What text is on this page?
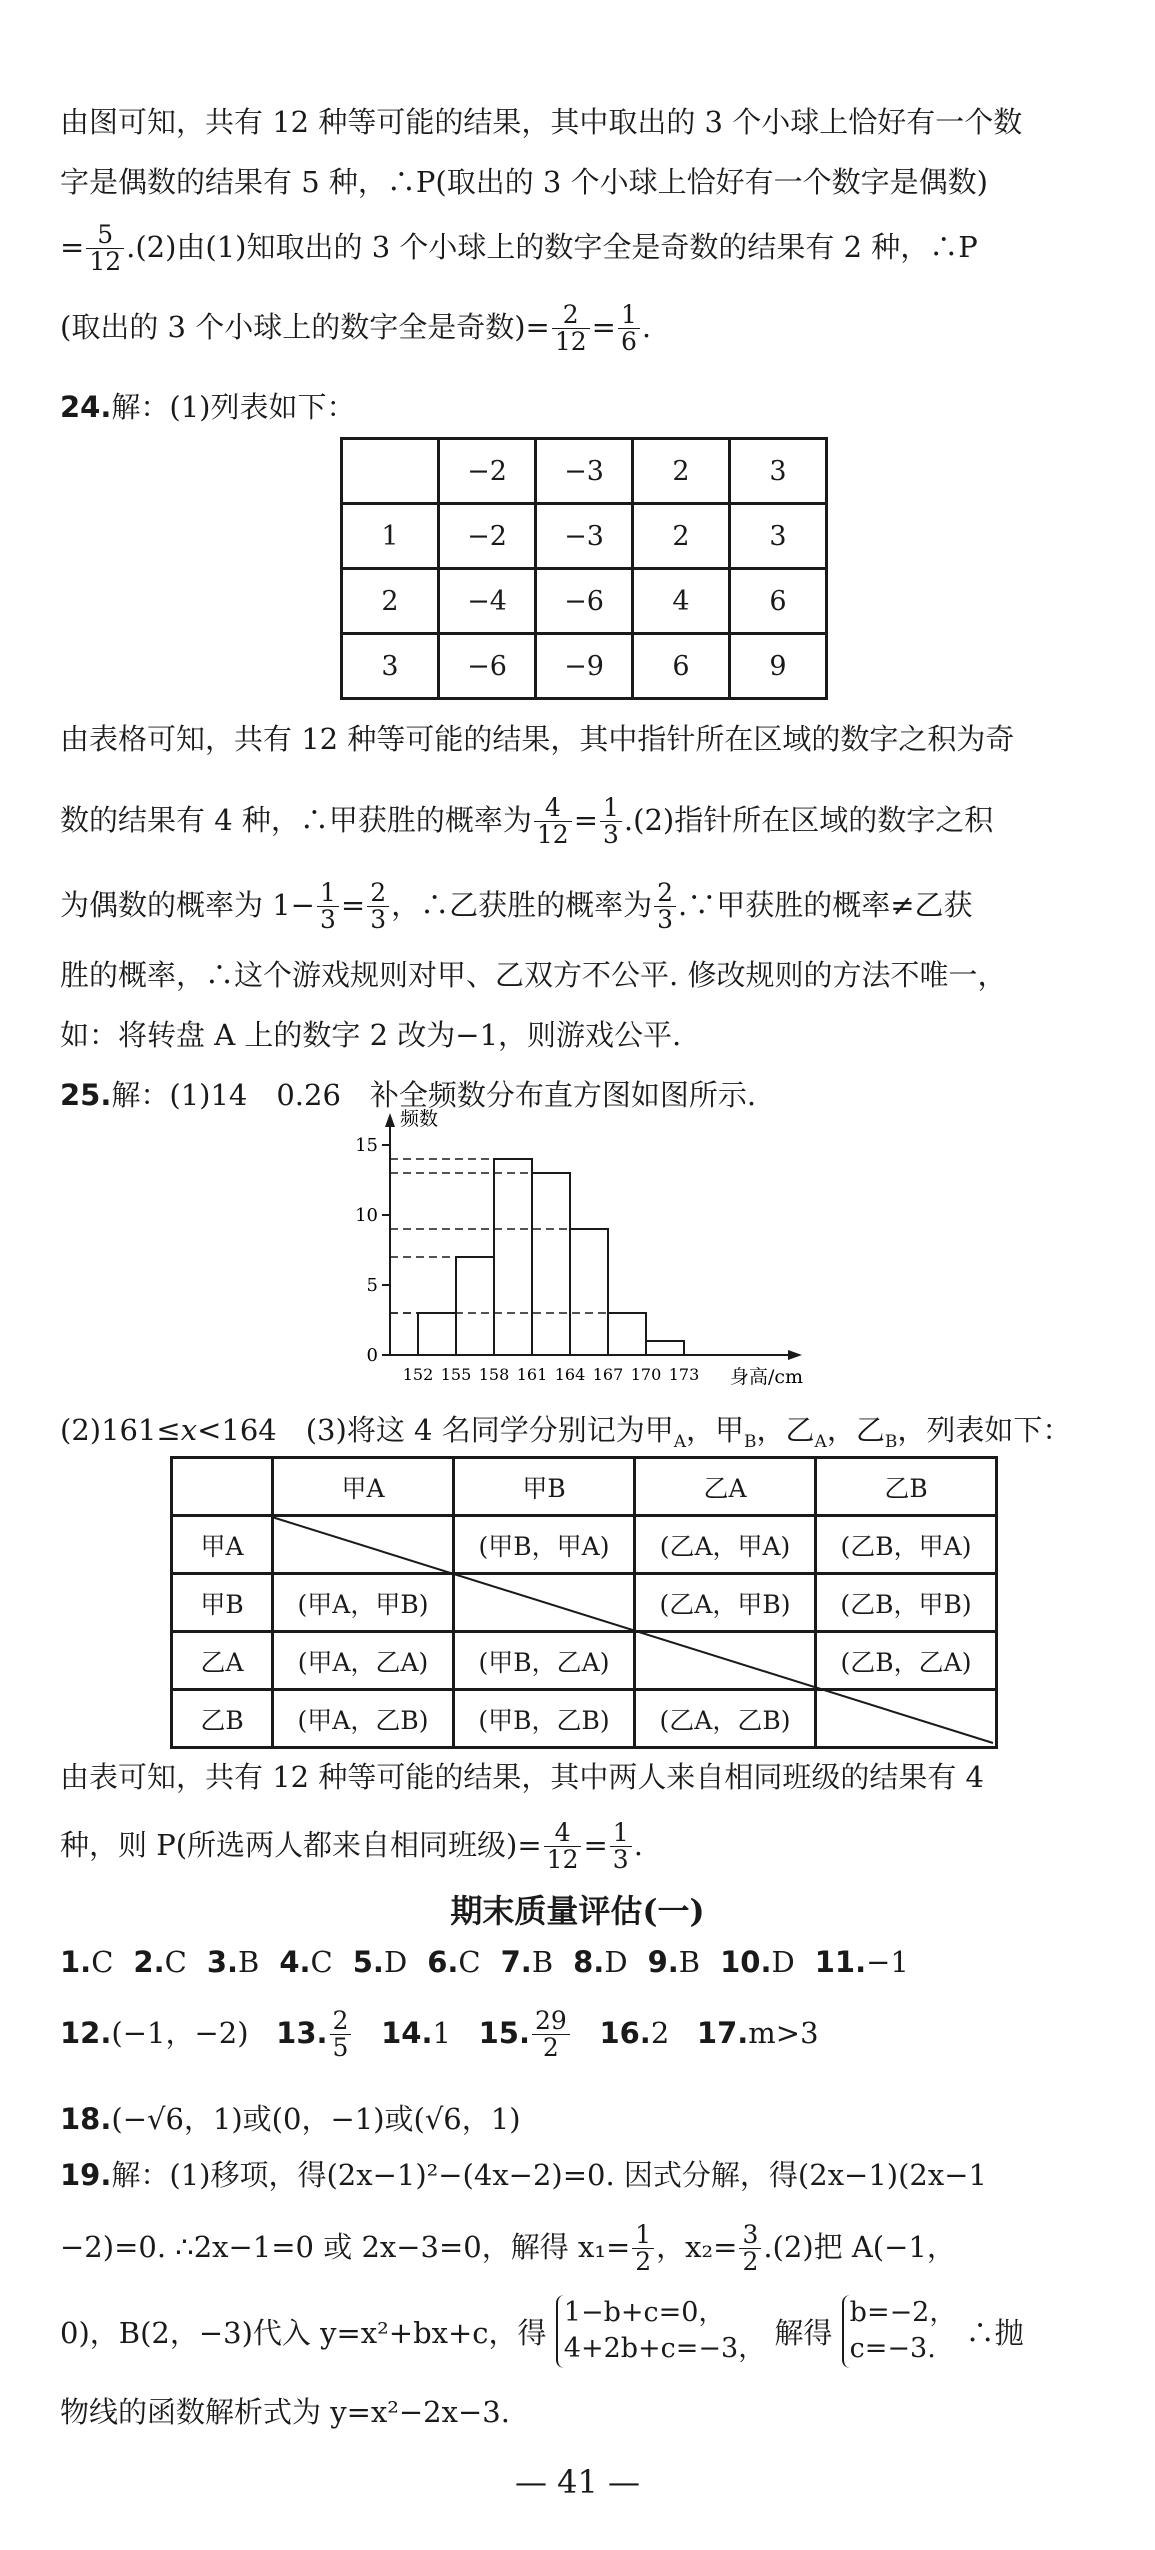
由图可知，共有 12 种等可能的结果，其中取出的 3 个小球上恰好有一个数
字是偶数的结果有 5 种，∴P(取出的 3 个小球上恰好有一个数字是偶数)
= $\frac{5}{12} .(2)$由(1)知取出的 3 个小球上的数字全是奇数的结果有 2 种，∴P
(取出的 3 个小球上的数字全是奇数)= $\frac{2}{12} = \frac{1}{6}$ .
24.解：(1)列表如下：
	−2	−3	2	3
1	−2	−3	2	3
2	−4	−6	4	6
3	−6	−9	6	9
由表格可知，共有 12 种等可能的结果，其中指针所在区域的数字之积为奇
数的结果有 4 种，∴甲获胜的概率为 $\frac{4}{12} = \frac{1}{3} .(2)$指针所在区域的数字之积
为偶数的概率为 $1- \frac{1}{3} = \frac{2}{3}$ ，∴乙获胜的概率为 $\frac{2}{3}$ .∵甲获胜的概率≠乙获
胜的概率，∴这个游戏规则对甲、乙双方不公平. 修改规则的方法不唯一，
如：将转盘 A 上的数字 2 改为−1，则游戏公平.
25.解：(1)14　0.26　补全频数分布直方图如图所示.
频数
身高/cm
0
5
10
15
152 155 158 161 164 167 170 173
(2)161≤x<164　(3)将这 4 名同学分别记为甲$_A$，甲$_B$，乙$_A$，乙$_B$，列表如下：
	甲A	甲B	乙A	乙B
甲A		(甲B，甲A)	(乙A，甲A)	(乙B，甲A)
甲B	(甲A，甲B)		(乙A，甲B)	(乙B，甲B)
乙A	(甲A，乙A)	(甲B，乙A)		(乙B，乙A)
乙B	(甲A，乙B)	(甲B，乙B)	(乙A，乙B)	
由表可知，共有 12 种等可能的结果，其中两人来自相同班级的结果有 4
种，则 P(所选两人都来自相同班级)= $\frac{4}{12} = \frac{1}{3}$ .
期末质量评估(一)
1.C 2.C 3.B 4.C 5.D 6.C 7.B 8.D 9.B 10.D 11.−1
12.(−1，−2) 13. $\frac{2}{5} 14.1$ 15. $\frac{29}{2} 16.2$ 17.m>3
18.(−√6，1)或(0，−1)或(√6，1)
19.解：(1)移项，得(2x−1)²−(4x−2)=0. 因式分解，得(2x−1)(2x−1
−2)=0. ∴2x−1=0 或 2x−3=0，解得 $x_1= \frac{1}{2}$ ，$x_2= \frac{3}{2} .(2)$把 A(−1，
0)，B(2，−3)代入 y=x²+bx+c，得
1−b+c=0，
4+2b+c=−3， 解得
b=−2，
c=−3.	∴抛
物线的函数解析式为 y=x²−2x−3.
— 41 —
